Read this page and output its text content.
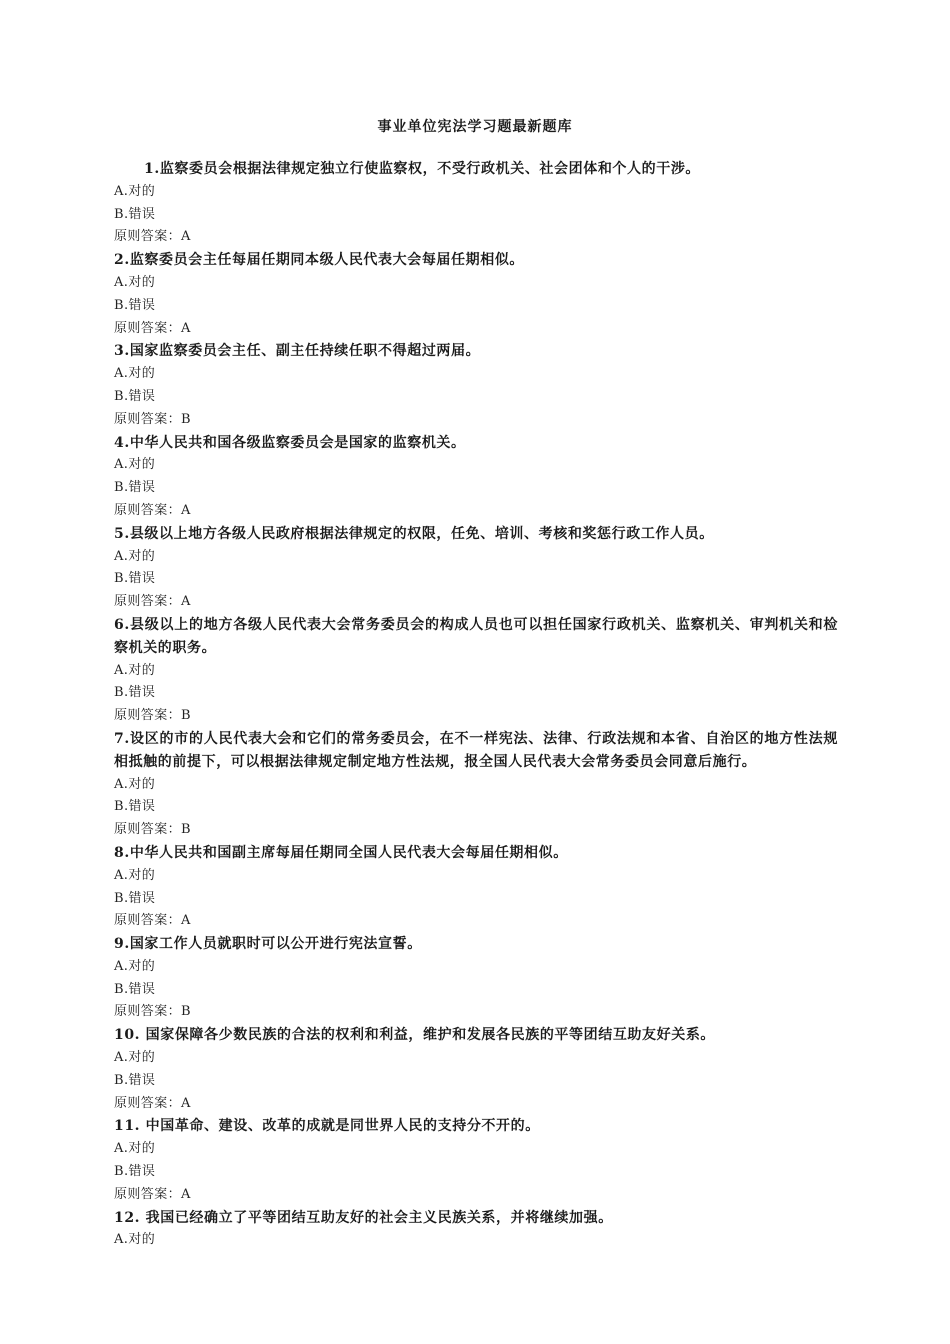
事业单位宪法学习题最新题库

1.监察委员会根据法律规定独立行使监察权，不受行政机关、社会团体和个人的干涉。

A.对的

B.错误

原则答案：A

2.监察委员会主任每届任期同本级人民代表大会每届任期相似。

A.对的

B.错误

原则答案：A

3.国家监察委员会主任、副主任持续任职不得超过两届。

A.对的

B.错误

原则答案：B

4.中华人民共和国各级监察委员会是国家的监察机关。

A.对的

B.错误

原则答案：A

5.县级以上地方各级人民政府根据法律规定的权限，任免、培训、考核和奖惩行政工作人员。

A.对的

B.错误

原则答案：A

6.县级以上的地方各级人民代表大会常务委员会的构成人员也可以担任国家行政机关、监察机关、审判机关和检察机关的职务。

A.对的

B.错误

原则答案：B

7.设区的市的人民代表大会和它们的常务委员会，在不一样宪法、法律、行政法规和本省、自治区的地方性法规相抵触的前提下，可以根据法律规定制定地方性法规，报全国人民代表大会常务委员会同意后施行。

A.对的

B.错误

原则答案：B

8.中华人民共和国副主席每届任期同全国人民代表大会每届任期相似。

A.对的

B.错误

原则答案：A

9.国家工作人员就职时可以公开进行宪法宣誓。

A.对的

B.错误

原则答案：B

10. 国家保障各少数民族的合法的权利和利益，维护和发展各民族的平等团结互助友好关系。

A.对的

B.错误

原则答案：A

11. 中国革命、建设、改革的成就是同世界人民的支持分不开的。

A.对的

B.错误

原则答案：A

12. 我国已经确立了平等团结互助友好的社会主义民族关系，并将继续加强。

A.对的
